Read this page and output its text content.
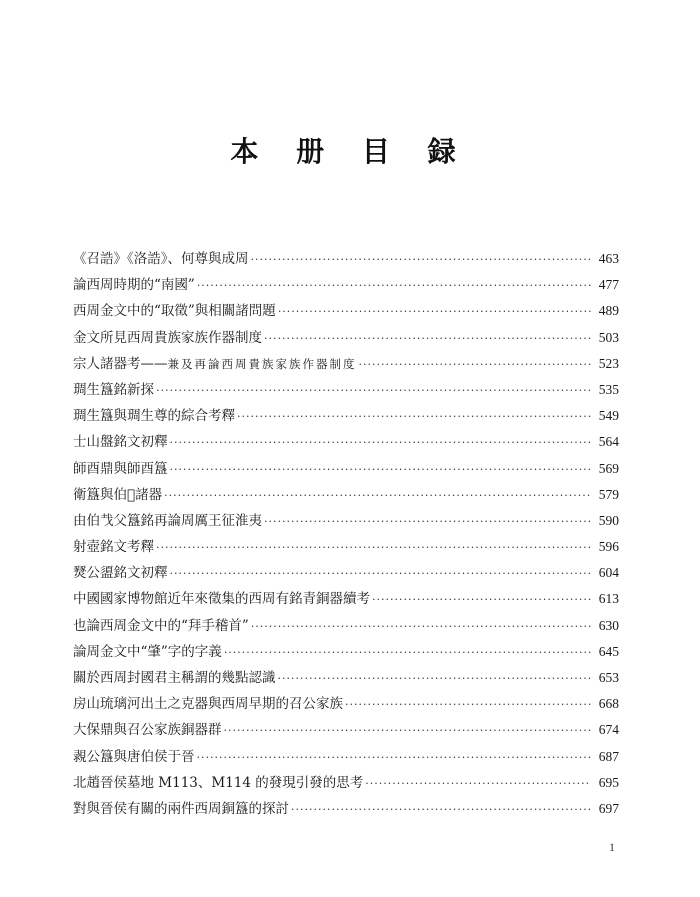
本 册 目 録
《召誥》《洛誥》、何尊與成周 ·····	463
論西周時期的“南國” ·····	477
西周金文中的“取徵”與相關諸問題 ·····	489
金文所見西周貴族家族作器制度 ·····	503
宗人諸器考—— 兼及再論西周貴族家族作器制度 ·····	523
琱生簋銘新探 ·····	535
琱生簋與琱生尊的綜合考釋 ·····	549
士山盤銘文初釋 ·····	564
師酉鼎與師酉簋 ·····	569
衛簋與伯𤞍諸器 ·····	579
由伯𢦏父簋銘再論周厲王征淮夷 ·····	590
射壺銘文考釋 ·····	596
燹公盨銘文初釋 ·····	604
中國國家博物館近年來徵集的西周有銘青銅器續考 ·····	613
也論西周金文中的“拜手稽首” ·····	630
論周金文中“肇”字的字義 ·····	645
關於西周封國君主稱謂的幾點認識 ·····	653
房山琉璃河出土之克器與西周早期的召公家族 ·····	668
大保鼎與召公家族銅器群 ·····	674
䚄公簋與唐伯侯于晉 ·····	687
北趙晉侯墓地 M113、M114 的發現引發的思考 ·····	695
對與晉侯有關的兩件西周銅簋的探討 ·····	697
1
